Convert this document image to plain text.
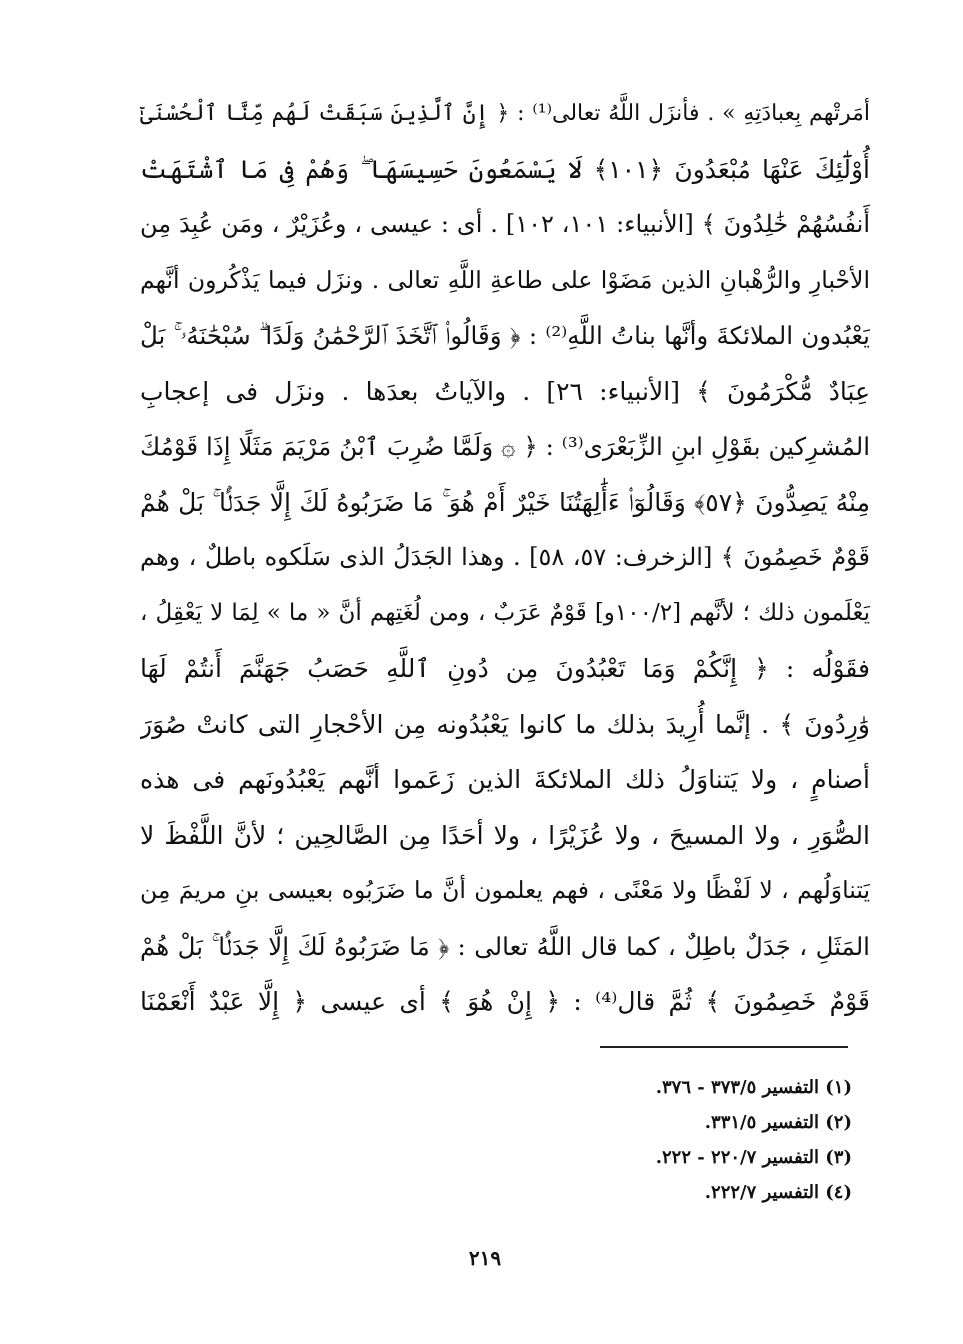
أمَرتْهم بِعبادَتِهِ » . فأنزَل اللَّهُ تعالى⁽¹⁾ : ﴿ إِنَّ ٱلَّذِينَ سَبَقَتْ لَهُم مِّنَّا ٱلْحُسْنَىٰٓ
أُوْلَٰٓئِكَ عَنْهَا مُبْعَدُونَ ﴿١٠١﴾ لَا يَسْمَعُونَ حَسِيسَهَا ۖ وَهُمْ فِى مَا ٱشْتَهَتْ
أَنفُسُهُمْ خَٰلِدُونَ ﴾ [الأنبياء: ١٠١، ١٠٢] . أى : عيسى ، وعُزَيْرٌ ، ومَن عُبِدَ مِن
الأحْبارِ والرُّهْبانِ الذين مَضَوْا على طاعةِ اللَّهِ تعالى . ونزَل فيما يَذْكُرون أنَّهم
يَعْبُدون الملائكةَ وأنَّها بناتُ اللَّهِ⁽²⁾ : ﴿ وَقَالُوا۟ ٱتَّخَذَ ٱلرَّحْمَٰنُ وَلَدًا ۗ سُبْحَٰنَهُۥ ۚ بَلْ
عِبَادٌ مُّكْرَمُونَ ﴾ [الأنبياء: ٢٦] . والآياتُ بعدَها . ونزَل فى إعجابِ
المُشرِكين بقَوْلِ ابنِ الزِّبَعْرَى⁽³⁾ : ﴿ ۞ وَلَمَّا ضُرِبَ ٱبْنُ مَرْيَمَ مَثَلًا إِذَا قَوْمُكَ
مِنْهُ يَصِدُّونَ ﴿٥٧﴾ وَقَالُوٓا۟ ءَأَٰلِهَتُنَا خَيْرٌ أَمْ هُوَ ۚ مَا ضَرَبُوهُ لَكَ إِلَّا جَدَلًۢا ۚ بَلْ هُمْ
قَوْمٌ خَصِمُونَ ﴾ [الزخرف: ٥٧، ٥٨] . وهذا الجَدَلُ الذى سَلَكوه باطلٌ ، وهم
يَعْلَمون ذلك ؛ لأنَّهم [١٠٠/٢و] قَوْمٌ عَرَبٌ ، ومن لُغَتِهم أنَّ « ما » لِمَا لا يَعْقِلُ ،
فقَوْلُه : ﴿ إِنَّكُمْ وَمَا تَعْبُدُونَ مِن دُونِ ٱللَّهِ حَصَبُ جَهَنَّمَ أَنتُمْ لَهَا
وَٰرِدُونَ ﴾ . إنَّما أُرِيدَ بذلك ما كانوا يَعْبُدُونه مِن الأحْجارِ التى كانتْ صُوَرَ
أصنامٍ ، ولا يَتناوَلُ ذلك الملائكةَ الذين زَعَموا أنَّهم يَعْبُدُونَهم فى هذه
الصُّوَرِ ، ولا المسيحَ ، ولا عُزَيْرًا ، ولا أحَدًا مِن الصَّالحِين ؛ لأنَّ اللَّفْظَ لا
يَتناوَلُهم ، لا لَفْظًا ولا مَعْنًى ، فهم يعلمون أنَّ ما ضَرَبُوه بعيسى بنِ مريمَ مِن
المَثَلِ ، جَدَلٌ باطِلٌ ، كما قال اللَّهُ تعالى : ﴿ مَا ضَرَبُوهُ لَكَ إِلَّا جَدَلًۢا ۚ بَلْ هُمْ
قَوْمٌ خَصِمُونَ ﴾ ثُمَّ قال⁽⁴⁾ : ﴿ إِنْ هُوَ ﴾ أى عيسى ﴿ إِلَّا عَبْدٌ أَنْعَمْنَا
(١) التفسير ٣٧٣/٥ - ٣٧٦.
(٢) التفسير ٣٣١/٥.
(٣) التفسير ٢٢٠/٧ - ٢٢٢.
(٤) التفسير ٢٢٢/٧.
٢١٩
